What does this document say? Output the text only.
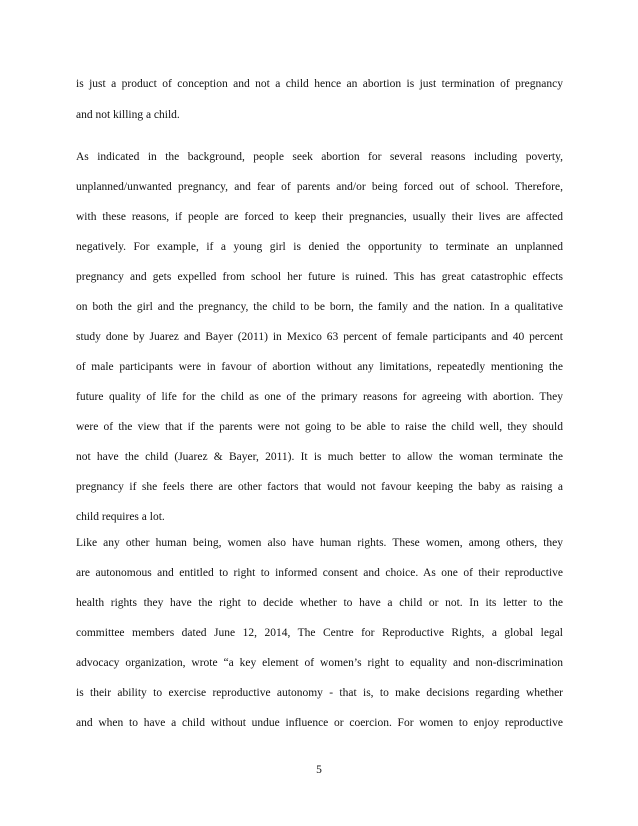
is just a product of conception and not a child hence an abortion is just termination of pregnancy
and not killing a child.
As indicated in the background, people seek abortion for several reasons including poverty,
unplanned/unwanted pregnancy, and fear of parents and/or being forced out of school. Therefore,
with these reasons, if people are forced to keep their pregnancies, usually their lives are affected
negatively. For example, if a young girl is denied the opportunity to terminate an unplanned
pregnancy and gets expelled from school her future is ruined. This has great catastrophic effects
on both the girl and the pregnancy, the child to be born, the family and the nation. In a qualitative
study done by Juarez and Bayer (2011) in Mexico 63 percent of female participants and 40 percent
of male participants were in favour of abortion without any limitations, repeatedly mentioning the
future quality of life for the child as one of the primary reasons for agreeing with abortion. They
were of the view that if the parents were not going to be able to raise the child well, they should
not have the child (Juarez & Bayer, 2011). It is much better to allow the woman terminate the
pregnancy if she feels there are other factors that would not favour keeping the baby as raising a
child requires a lot.
Like any other human being, women also have human rights. These women, among others, they
are autonomous and entitled to right to informed consent and choice. As one of their reproductive
health rights they have the right to decide whether to have a child or not. In its letter to the
committee members dated June 12, 2014, The Centre for Reproductive Rights, a global legal
advocacy organization, wrote “a key element of women’s right to equality and non-discrimination
is their ability to exercise reproductive autonomy - that is, to make decisions regarding whether
and when to have a child without undue influence or coercion. For women to enjoy reproductive
5
